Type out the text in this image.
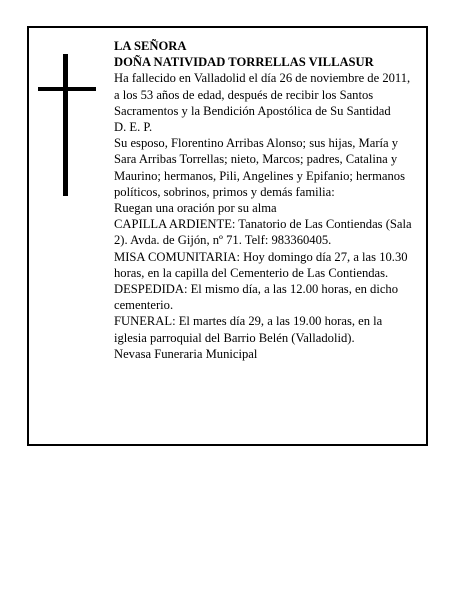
LA SEÑORA
DOÑA NATIVIDAD TORRELLAS VILLASUR
Ha fallecido en Valladolid el día 26 de noviembre de 2011, a los 53 años de edad, después de recibir los Santos Sacramentos y la Bendición Apostólica de Su Santidad
D. E. P.
Su esposo, Florentino Arribas Alonso; sus hijas, María y Sara Arribas Torrellas; nieto, Marcos; padres, Catalina y Maurino; hermanos, Pili, Angelines y Epifanio; hermanos políticos, sobrinos, primos y demás familia:
Ruegan una oración por su alma
CAPILLA ARDIENTE: Tanatorio de Las Contiendas (Sala 2). Avda. de Gijón, nº 71. Telf: 983360405.
MISA COMUNITARIA: Hoy domingo día 27, a las 10.30 horas, en la capilla del Cementerio de Las Contiendas.
DESPEDIDA: El mismo día, a las 12.00 horas, en dicho cementerio.
FUNERAL: El martes día 29, a las 19.00 horas, en la iglesia parroquial del Barrio Belén (Valladolid).
Nevasa Funeraria Municipal
